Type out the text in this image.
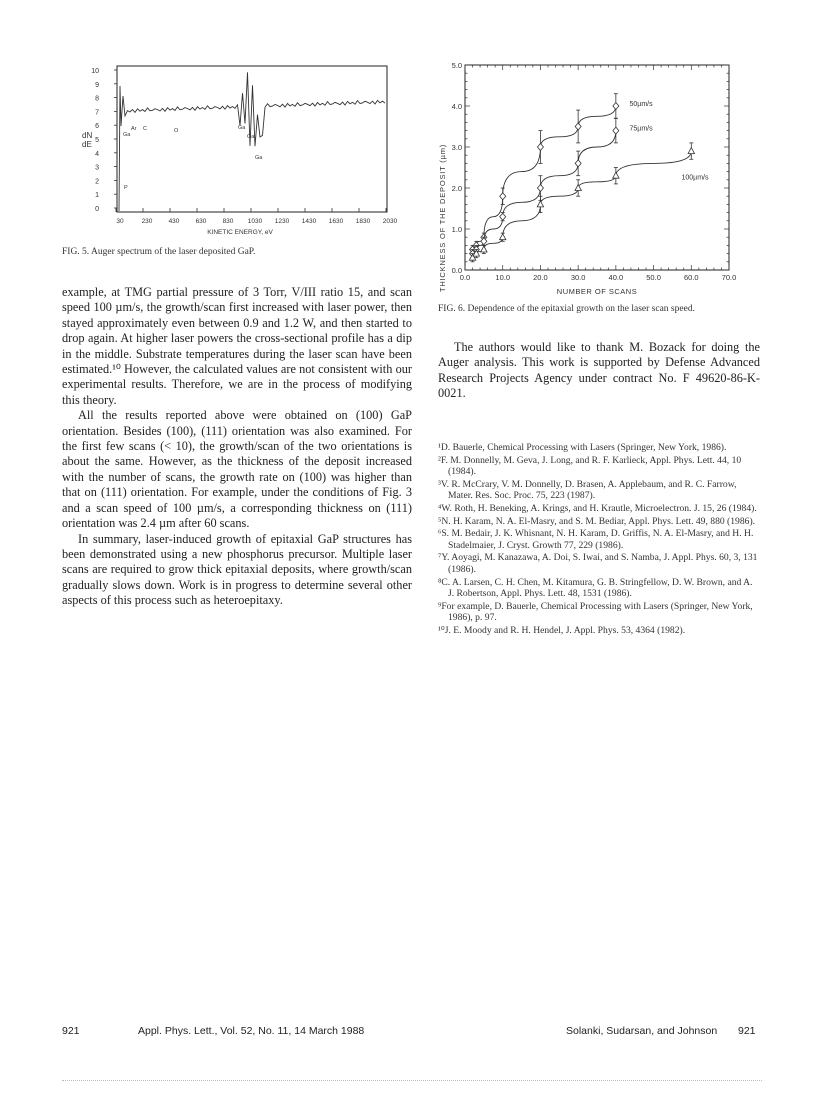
10
9
8
7
6
5
4
3
2
1
0
30	230 430 630 830 1030 1230 1430 1630 1830 2030
dN
dE
KINETIC ENERGY, eV
Ga
Ar C	O	Ga
Ga
Ga
P
FIG. 5. Auger spectrum of the laser deposited GaP.
0.0	10.0	20.0	30.0	40.0	50.0	60.0	70.0
0.0
1.0
2.0
3.0
4.0
5.0
50µm/s
75µm/s
100µm/s
THICKNESS OF THE DEPOSIT (µm)	NUMBER OF SCANS
FIG. 6. Dependence of the epitaxial growth on the laser scan speed.

example, at TMG partial pressure of 3 Torr, V/III ratio 15, and scan speed 100 µm/s, the growth/scan first increased with laser power, then stayed approximately even between 0.9 and 1.2 W, and then started to drop again. At higher laser powers the cross-sectional profile has a dip in the middle. Substrate temperatures during the laser scan have been estimated.¹⁰ However, the calculated values are not consistent with our experimental results. Therefore, we are in the process of modifying this theory.

All the results reported above were obtained on (100) GaP orientation. Besides (100), (111) orientation was also examined. For the first few scans (< 10), the growth/scan of the two orientations is about the same. However, as the thickness of the deposit increased with the number of scans, the growth rate on (100) was higher than that on (111) orientation. For example, under the conditions of Fig. 3 and a scan speed of 100 µm/s, a corresponding thickness on (111) orientation was 2.4 µm after 60 scans.

In summary, laser-induced growth of epitaxial GaP structures has been demonstrated using a new phosphorus precursor. Multiple laser scans are required to grow thick epitaxial deposits, where growth/scan gradually slows down. Work is in progress to determine several other aspects of this process such as heteroepitaxy.

The authors would like to thank M. Bozack for doing the Auger analysis. This work is supported by Defense Advanced Research Projects Agency under contract No. F 49620-86-K-0021.
¹D. Bauerle, Chemical Processing with Lasers (Springer, New York, 1986).
²F. M. Donnelly, M. Geva, J. Long, and R. F. Karlieck, Appl. Phys. Lett. 44, 10 (1984).
³V. R. McCrary, V. M. Donnelly, D. Brasen, A. Applebaum, and R. C. Farrow, Mater. Res. Soc. Proc. 75, 223 (1987).
⁴W. Roth, H. Beneking, A. Krings, and H. Krautle, Microelectron. J. 15, 26 (1984).
⁵N. H. Karam, N. A. El-Masry, and S. M. Bediar, Appl. Phys. Lett. 49, 880 (1986).
⁶S. M. Bedair, J. K. Whisnant, N. H. Karam, D. Griffis, N. A. El-Masry, and H. H. Stadelmaier, J. Cryst. Growth 77, 229 (1986).
⁷Y. Aoyagi, M. Kanazawa, A. Doi, S. Iwai, and S. Namba, J. Appl. Phys. 60, 3, 131 (1986).
⁸C. A. Larsen, C. H. Chen, M. Kitamura, G. B. Stringfellow, D. W. Brown, and A. J. Robertson, Appl. Phys. Lett. 48, 1531 (1986).
⁹For example, D. Bauerle, Chemical Processing with Lasers (Springer, New York, 1986), p. 97.
¹⁰J. E. Moody and R. H. Hendel, J. Appl. Phys. 53, 4364 (1982).
921	Appl. Phys. Lett., Vol. 52, No. 11, 14 March 1988	Solanki, Sudarsan, and Johnson 921
